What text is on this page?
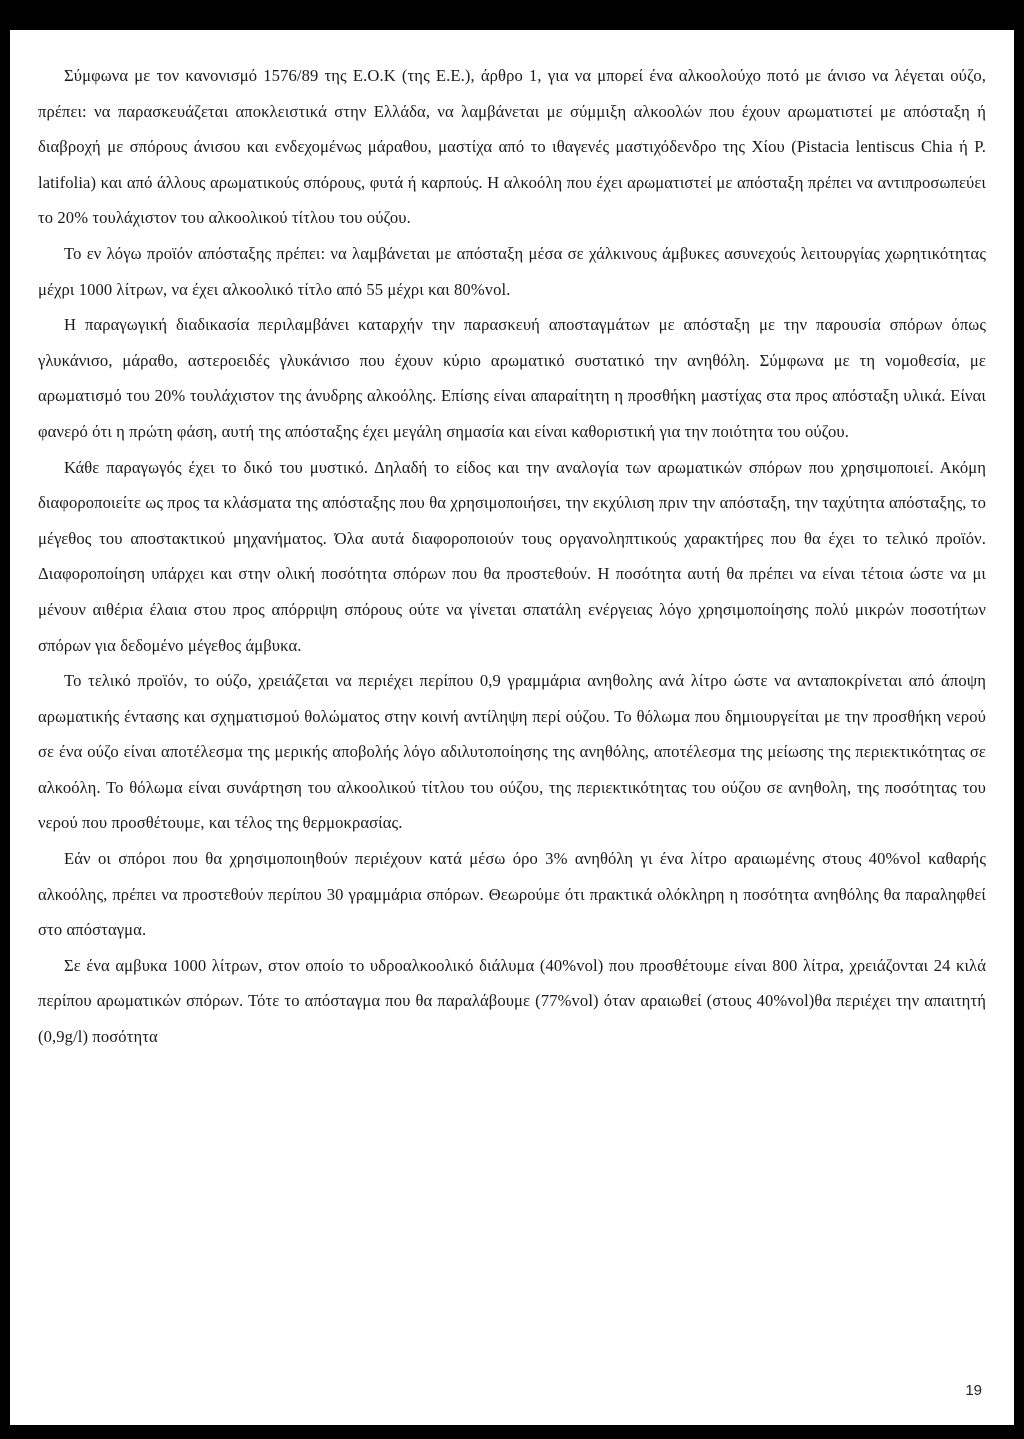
Σύμφωνα με τον κανονισμό 1576/89 της Ε.Ο.Κ (της Ε.Ε.), άρθρο 1, για να μπορεί ένα αλκοολούχο ποτό με άνισο να λέγεται ούζο, πρέπει: να παρασκευάζεται αποκλειστικά στην Ελλάδα, να λαμβάνεται με σύμμιξη αλκοολών που έχουν αρωματιστεί με απόσταξη ή διαβροχή με σπόρους άνισου και ενδεχομένως μάραθου, μαστίχα από το ιθαγενές μαστιχόδενδρο της Χίου (Pistacia lentiscus Chia ή P. latifolia) και από άλλους αρωματικούς σπόρους, φυτά ή καρπούς. Η αλκοόλη που έχει αρωματιστεί με απόσταξη πρέπει να αντιπροσωπεύει το 20% τουλάχιστον του αλκοολικού τίτλου του ούζου.

Το εν λόγω προϊόν απόσταξης πρέπει: να λαμβάνεται με απόσταξη μέσα σε χάλκινους άμβυκες ασυνεχούς λειτουργίας χωρητικότητας μέχρι 1000 λίτρων, να έχει αλκοολικό τίτλο από 55 μέχρι και 80%vol.

Η παραγωγική διαδικασία περιλαμβάνει καταρχήν την παρασκευή αποσταγμάτων με απόσταξη με την παρουσία σπόρων όπως γλυκάνισο, μάραθο, αστεροειδές γλυκάνισο που έχουν κύριο αρωματικό συστατικό την ανηθόλη. Σύμφωνα με τη νομοθεσία, με αρωματισμό του 20% τουλάχιστον της άνυδρης αλκοόλης. Επίσης είναι απαραίτητη η προσθήκη μαστίχας στα προς απόσταξη υλικά. Είναι φανερό ότι η πρώτη φάση, αυτή της απόσταξης έχει μεγάλη σημασία και είναι καθοριστική για την ποιότητα του ούζου.

Κάθε παραγωγός έχει το δικό του μυστικό. Δηλαδή το είδος και την αναλογία των αρωματικών σπόρων που χρησιμοποιεί. Ακόμη διαφοροποιείτε ως προς τα κλάσματα της απόσταξης που θα χρησιμοποιήσει, την εκχύλιση πριν την απόσταξη, την ταχύτητα απόσταξης, το μέγεθος του αποστακτικού μηχανήματος. Όλα αυτά διαφοροποιούν τους οργανοληπτικούς χαρακτήρες που θα έχει το τελικό προϊόν. Διαφοροποίηση υπάρχει και στην ολική ποσότητα σπόρων που θα προστεθούν. Η ποσότητα αυτή θα πρέπει να είναι τέτοια ώστε να μι μένουν αιθέρια έλαια στου προς απόρριψη σπόρους ούτε να γίνεται σπατάλη ενέργειας λόγο χρησιμοποίησης πολύ μικρών ποσοτήτων σπόρων για δεδομένο μέγεθος άμβυκα.

Το τελικό προϊόν, το ούζο, χρειάζεται να περιέχει περίπου 0,9 γραμμάρια ανηθολης ανά λίτρο ώστε να ανταποκρίνεται από άποψη αρωματικής έντασης και σχηματισμού θολώματος στην κοινή αντίληψη περί ούζου. Το θόλωμα που δημιουργείται με την προσθήκη νερού σε ένα ούζο είναι αποτέλεσμα της μερικής αποβολής λόγο αδιλυτοποίησης της ανηθόλης, αποτέλεσμα της μείωσης της περιεκτικότητας σε αλκοόλη. Το θόλωμα είναι συνάρτηση του αλκοολικού τίτλου του ούζου, της περιεκτικότητας του ούζου σε ανηθολη, της ποσότητας του νερού που προσθέτουμε, και τέλος της θερμοκρασίας.

Εάν οι σπόροι που θα χρησιμοποιηθούν περιέχουν κατά μέσω όρο 3% ανηθόλη γι ένα λίτρο αραιωμένης στους 40%vol καθαρής αλκοόλης, πρέπει να προστεθούν περίπου 30 γραμμάρια σπόρων. Θεωρούμε ότι πρακτικά ολόκληρη η ποσότητα ανηθόλης θα παραληφθεί στο απόσταγμα.

Σε ένα αμβυκα 1000 λίτρων, στον οποίο το υδροαλκοολικό διάλυμα (40%vol) που προσθέτουμε είναι 800 λίτρα, χρειάζονται 24 κιλά περίπου αρωματικών σπόρων. Τότε το απόσταγμα που θα παραλάβουμε (77%vol) όταν αραιωθεί (στους 40%vol)θα περιέχει την απαιτητή (0,9g/l) ποσότητα

19
